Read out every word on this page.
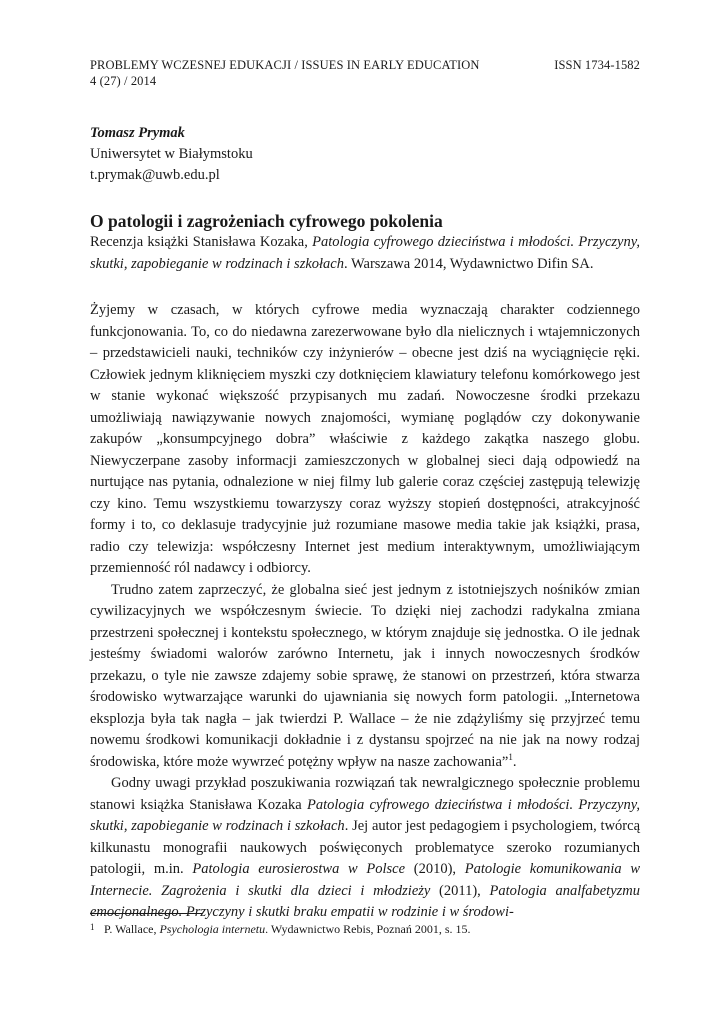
PROBLEMY WCZESNEJ EDUKACJI / ISSUES IN EARLY EDUCATION	ISSN 1734-1582
4 (27) / 2014
Tomasz Prymak
Uniwersytet w Białymstoku
t.prymak@uwb.edu.pl
O patologii i zagrożeniach cyfrowego pokolenia

Recenzja książki Stanisława Kozaka, Patologia cyfrowego dzieciństwa i młodości. Przyczyny, skutki, zapobieganie w rodzinach i szkołach. Warszawa 2014, Wydawnictwo Difin SA.

Żyjemy w czasach, w których cyfrowe media wyznaczają charakter codziennego funkcjonowania. To, co do niedawna zarezerwowane było dla nielicznych i wtajemniczonych – przedstawicieli nauki, techników czy inżynierów – obecne jest dziś na wyciągnięcie ręki. Człowiek jednym kliknięciem myszki czy dotknięciem klawiatury telefonu komórkowego jest w stanie wykonać większość przypisanych mu zadań. Nowoczesne środki przekazu umożliwiają nawiązywanie nowych znajomości, wymianę poglądów czy dokonywanie zakupów „konsumpcyjnego dobra” właściwie z każdego zakątka naszego globu. Niewyczerpane zasoby informacji zamieszczonych w globalnej sieci dają odpowiedź na nurtujące nas pytania, odnalezione w niej filmy lub galerie coraz częściej zastępują telewizję czy kino. Temu wszystkiemu towarzyszy coraz wyższy stopień dostępności, atrakcyjność formy i to, co deklasuje tradycyjnie już rozumiane masowe media takie jak książki, prasa, radio czy telewizja: współczesny Internet jest medium interaktywnym, umożliwiającym przemienność ról nadawcy i odbiorcy.

Trudno zatem zaprzeczyć, że globalna sieć jest jednym z istotniejszych nośników zmian cywilizacyjnych we współczesnym świecie. To dzięki niej zachodzi radykalna zmiana przestrzeni społecznej i kontekstu społecznego, w którym znajduje się jednostka. O ile jednak jesteśmy świadomi walorów zarówno Internetu, jak i innych nowoczesnych środków przekazu, o tyle nie zawsze zdajemy sobie sprawę, że stanowi on przestrzeń, która stwarza środowisko wytwarzające warunki do ujawniania się nowych form patologii. „Internetowa eksplozja była tak nagła – jak twierdzi P. Wallace – że nie zdążyliśmy się przyjrzeć temu nowemu środkowi komunikacji dokładnie i z dystansu spojrzeć na nie jak na nowy rodzaj środowiska, które może wywrzeć potężny wpływ na nasze zachowania”$^1$.

Godny uwagi przykład poszukiwania rozwiązań tak newralgicznego społecznie problemu stanowi książka Stanisława Kozaka Patologia cyfrowego dzieciństwa i młodości. Przyczyny, skutki, zapobieganie w rodzinach i szkołach. Jej autor jest pedagogiem i psychologiem, twórcą kilkunastu monografii naukowych poświęconych problematyce szeroko rozumianych patologii, m.in. Patologia eurosierostwa w Polsce (2010), Patologie komunikowania w Internecie. Zagrożenia i skutki dla dzieci i młodzieży (2011), Patologia analfabetyzmu emocjonalnego. Przyczyny i skutki braku empatii w rodzinie i w środowi-

1 P. Wallace, Psychologia internetu. Wydawnictwo Rebis, Poznań 2001, s. 15.
